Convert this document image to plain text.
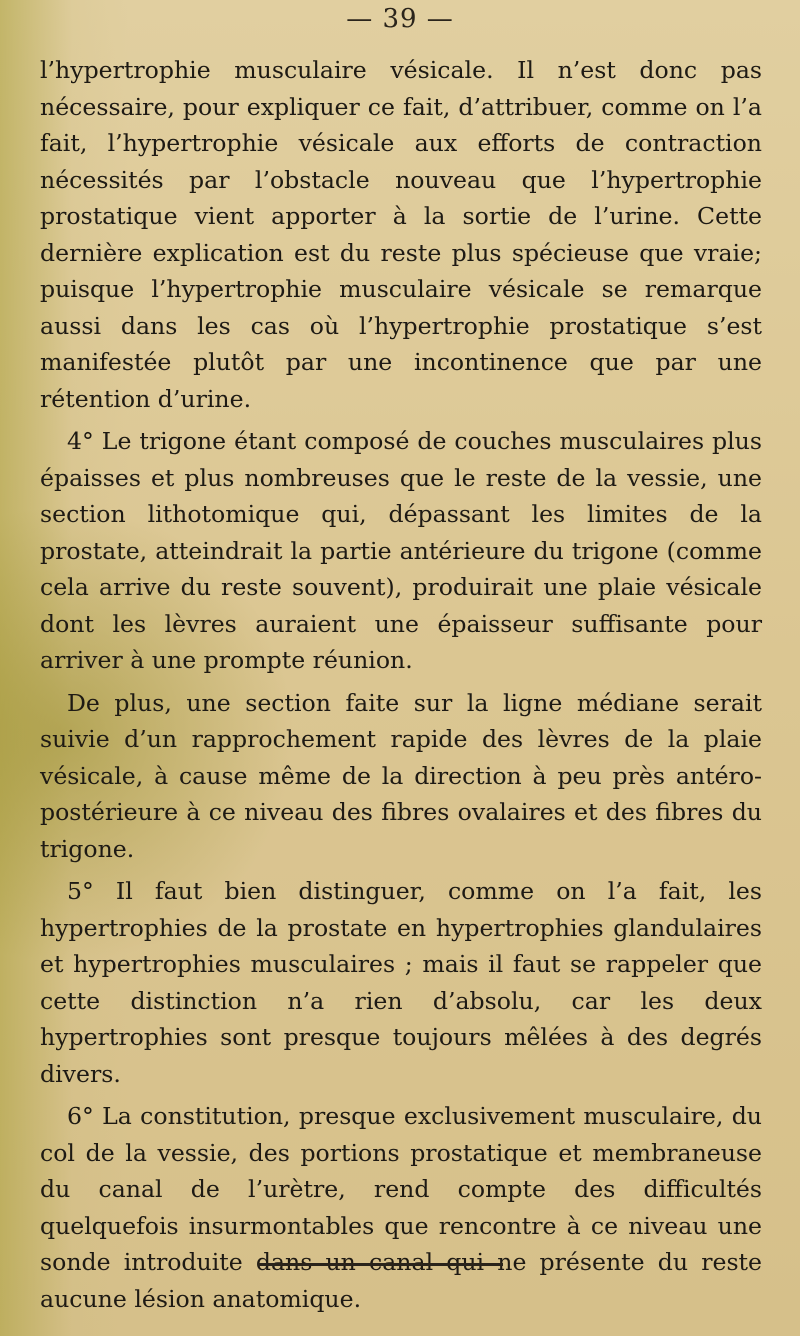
— 39 —

l’hypertrophie musculaire vésicale. Il n’est donc pas nécessaire, pour expliquer ce fait, d’attribuer, comme on l’a fait, l’hypertrophie vésicale aux efforts de contraction nécessités par l’obstacle nouveau que l’hypertrophie prostatique vient apporter à la sortie de l’urine. Cette dernière explication est du reste plus spécieuse que vraie; puisque l’hypertrophie musculaire vésicale se remarque aussi dans les cas où l’hypertrophie prostatique s’est manifestée plutôt par une incontinence que par une rétention d’urine.

4° Le trigone étant composé de couches musculaires plus épaisses et plus nombreuses que le reste de la vessie, une section lithotomique qui, dépassant les limites de la prostate, atteindrait la partie antérieure du trigone (comme cela arrive du reste souvent), produirait une plaie vésicale dont les lèvres auraient une épaisseur suffisante pour arriver à une prompte réunion.

De plus, une section faite sur la ligne médiane serait suivie d’un rapprochement rapide des lèvres de la plaie vésicale, à cause même de la direction à peu près antéro-postérieure à ce niveau des fibres ovalaires et des fibres du trigone.

5° Il faut bien distinguer, comme on l’a fait, les hypertrophies de la prostate en hypertrophies glandulaires et hypertrophies musculaires ; mais il faut se rappeler que cette distinction n’a rien d’absolu, car les deux hypertrophies sont presque toujours mêlées à des degrés divers.

6° La constitution, presque exclusivement musculaire, du col de la vessie, des portions prostatique et membraneuse du canal de l’urètre, rend compte des difficultés quelquefois insurmontables que rencontre à ce niveau une sonde introduite dans un canal qui ne présente du reste aucune lésion anatomique.
